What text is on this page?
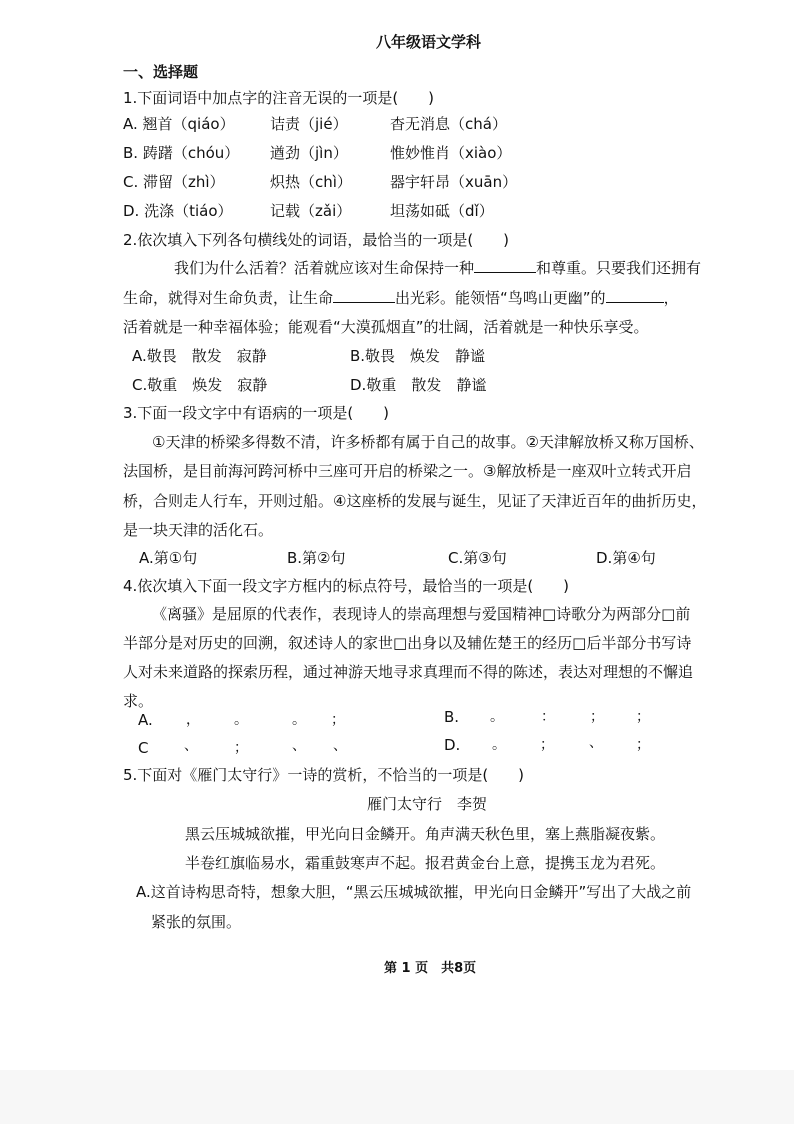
八年级语文学科
一、选择题
1.下面词语中加点字的注音无误的一项是(　　)
A. 翘首（qiáo） 诘责（jié）	杳无消息（chá）
B. 踌躇（chóu） 遒劲（jìn）	惟妙惟肖（xiào）
C. 滞留（zhì）	炽热（chì）	器宇轩昂（xuān）
D. 洗涤（tiáo） 记载（zǎi）	坦荡如砥（dǐ）
2.依次填入下列各句横线处的词语，最恰当的一项是(　　)
我们为什么活着？活着就应该对生命保持一种	和尊重。只要我们还拥有
生命，就得对生命负责，让生命	出光彩。能领悟“鸟鸣山更幽”的	，
活着就是一种幸福体验；能观看“大漠孤烟直”的壮阔，活着就是一种快乐享受。
A.敬畏　散发　寂静	B.敬畏　焕发　静谧
C.敬重　焕发　寂静	D.敬重　散发　静谧
3.下面一段文字中有语病的一项是(　　)
①天津的桥梁多得数不清，许多桥都有属于自己的故事。②天津解放桥又称万国桥、
法国桥，是目前海河跨河桥中三座可开启的桥梁之一。③解放桥是一座双叶立转式开启
桥，合则走人行车，开则过船。④这座桥的发展与诞生，见证了天津近百年的曲折历史，
是一块天津的活化石。
A.第①句	B.第②句	C.第③句	D.第④句
4.依次填入下面一段文字方框内的标点符号，最恰当的一项是(　　)
《离骚》是屈原的代表作，表现诗人的崇高理想与爱国精神□诗歌分为两部分□前
半部分是对历史的回溯，叙述诗人的家世□出身以及辅佐楚王的经历□后半部分书写诗
人对未来道路的探索历程，通过神游天地寻求真理而不得的陈述，表达对理想的不懈追
求。
A. ， 。	。 ；	B. 。	：	； ；
C	、	；	、 、	D. 。 ；	、 ；
5.下面对《雁门太守行》一诗的赏析，不恰当的一项是(　　)
雁门太守行　李贺
黑云压城城欲摧，甲光向日金鳞开。角声满天秋色里，塞上燕脂凝夜紫。
半卷红旗临易水，霜重鼓寒声不起。报君黄金台上意，提携玉龙为君死。
A.这首诗构思奇特，想象大胆，“黑云压城城欲摧，甲光向日金鳞开”写出了大战之前
紧张的氛围。
第 1 页　共8页
